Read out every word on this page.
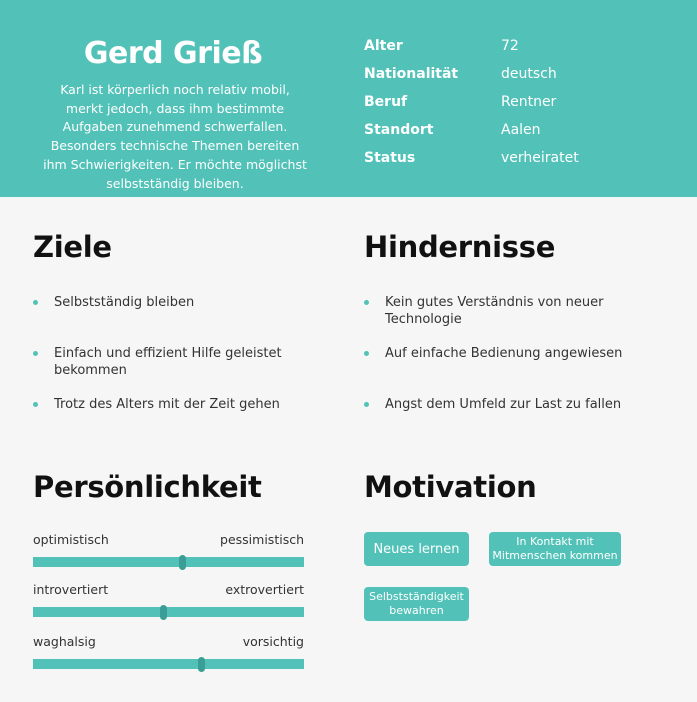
Gerd Grieß
Karl ist körperlich noch relativ mobil, merkt jedoch, dass ihm bestimmte Aufgaben zunehmend schwerfallen. Besonders technische Themen bereiten ihm Schwierigkeiten. Er möchte möglichst selbstständig bleiben.
Alter	72
Nationalität	deutsch
Beruf	Rentner
Standort	Aalen
Status	verheiratet
Ziele
Selbstständig bleiben
Einfach und effizient Hilfe geleistet bekommen
Trotz des Alters mit der Zeit gehen
Hindernisse
Kein gutes Verständnis von neuer Technologie
Auf einfache Bedienung angewiesen
Angst dem Umfeld zur Last zu fallen
Persönlichkeit
optimistisch	pessimistisch
introvertiert	extrovertiert
waghalsig	vorsichtig
Motivation
Neues lernen	In Kontakt mit Mitmenschen kommen
Selbstständigkeit bewahren
